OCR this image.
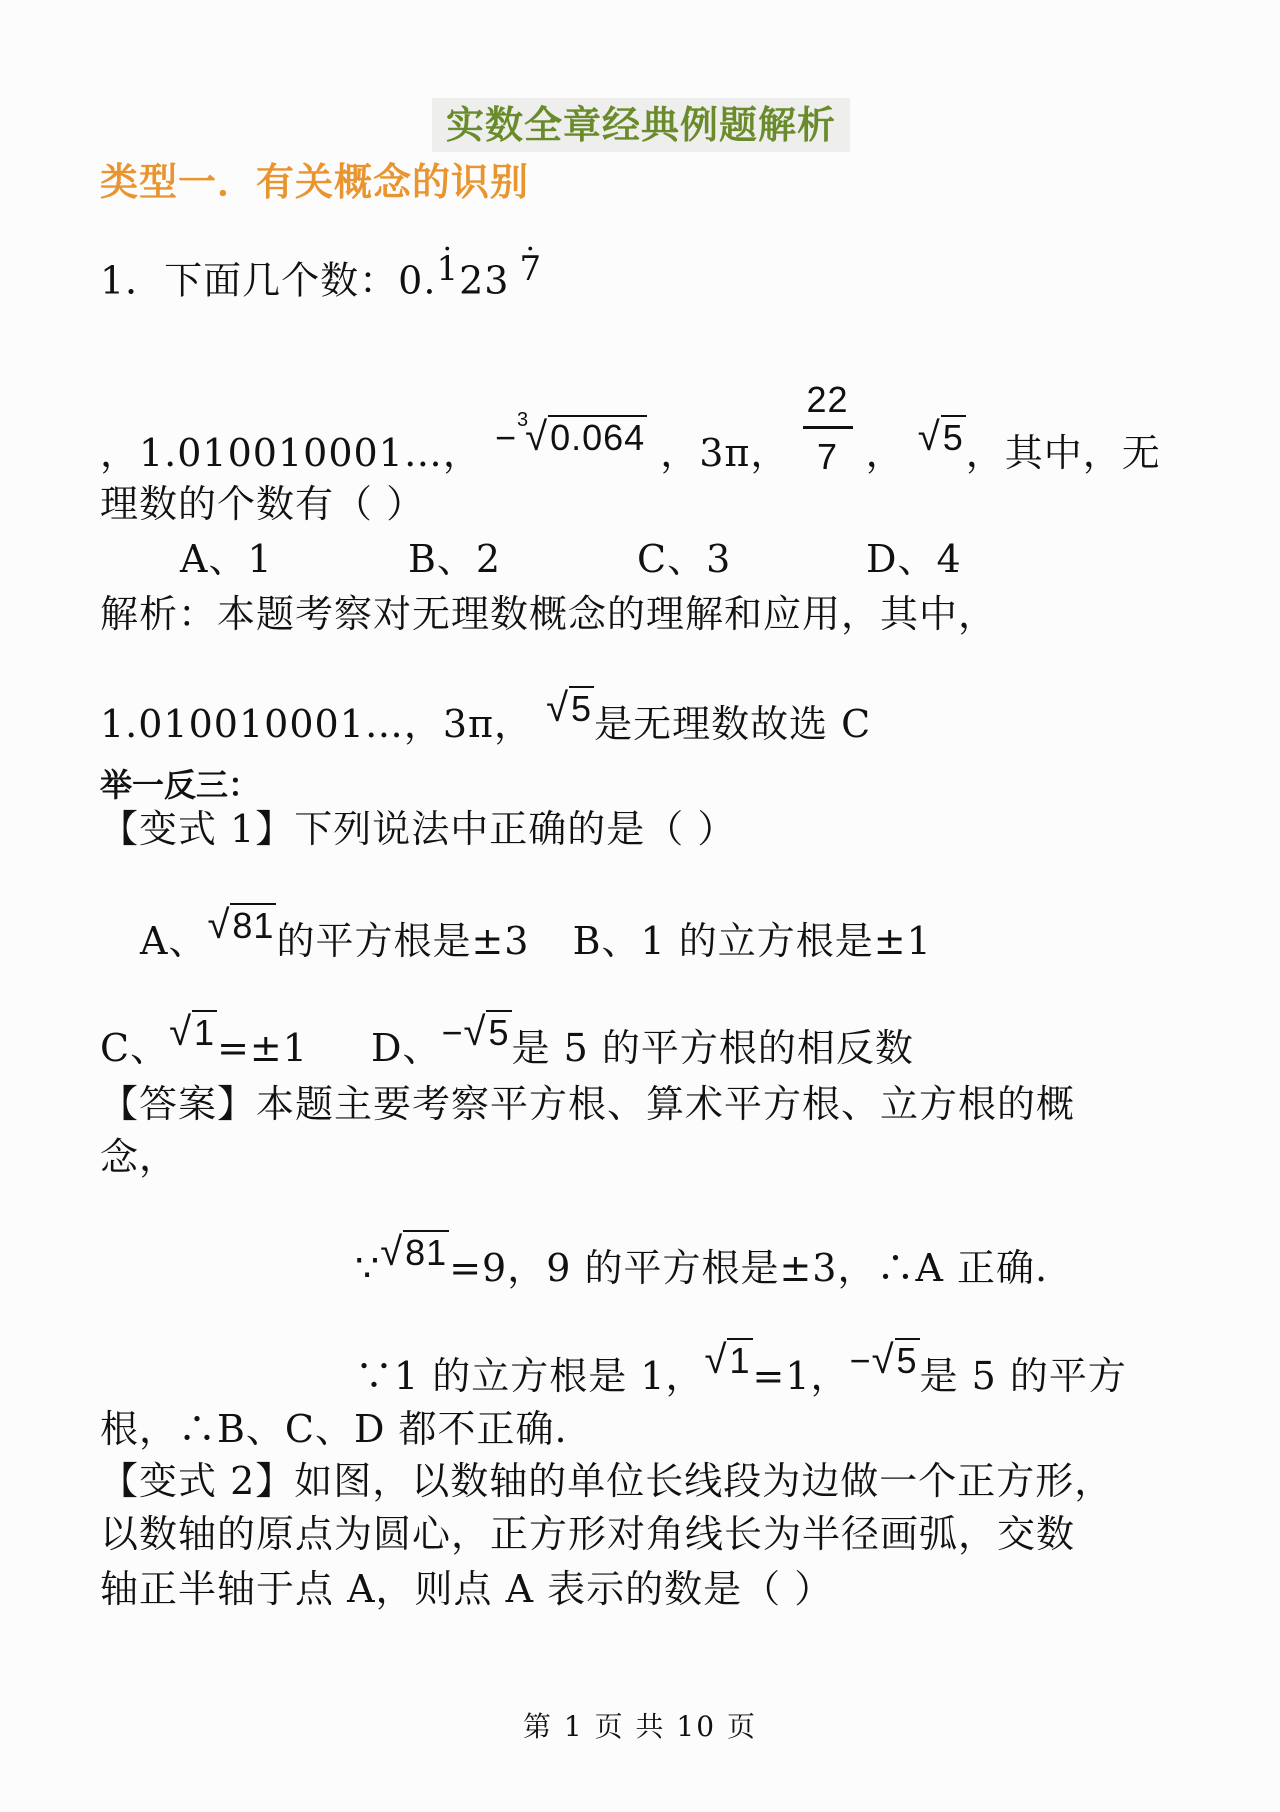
实数全章经典例题解析
类型一．有关概念的识别
1．下面几个数：0.. 123 . 7
，1.010010001…， −$^3$√0.064 ，3π， $\frac{22}{7}$ ， √5，其中，无
理数的个数有（ ）
A、1	B、2	C、3	D、4
解析：本题考察对无理数概念的理解和应用，其中，
1.010010001…，3π， √5是无理数故选 C
举一反三：
【变式 1】下列说法中正确的是（ ）
A、√81的平方根是±3 B、1 的立方根是±1
C、√1=±1 D、−√5是 5 的平方根的相反数
【答案】本题主要考察平方根、算术平方根、立方根的概
念，
∵√81=9，9 的平方根是±3，∴A 正确.
∵1 的立方根是 1，√1=1，−√5是 5 的平方
根，∴B、C、D 都不正确.
【变式 2】如图，以数轴的单位长线段为边做一个正方形，
以数轴的原点为圆心，正方形对角线长为半径画弧，交数
轴正半轴于点 A，则点 A 表示的数是（ ）
第 1 页 共 10 页
